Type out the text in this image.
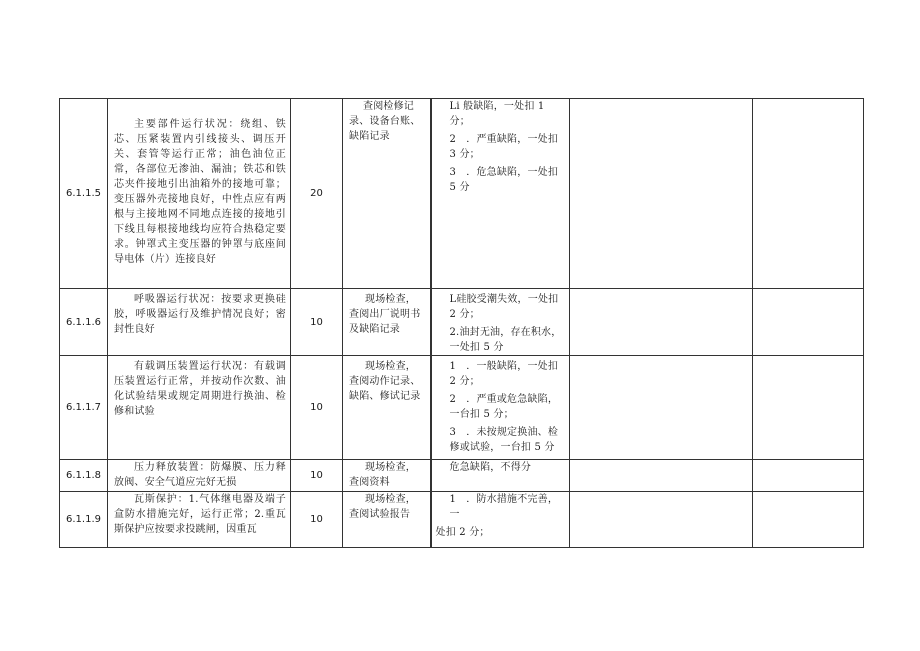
6.1.1.5	主要部件运行状况：绕组、铁芯、压紧装置内引线接头、调压开关、套管等运行正常；油色油位正常，各部位无渗油、漏油；铁芯和铁芯夹件接地引出油箱外的接地可靠；变压器外壳接地良好，中性点应有两根与主接地网不同地点连接的接地引下线且每根接地线均应符合热稳定要求。钟罩式主变压器的钟罩与底座间导电体（片）连接良好	20	查阅检修记录、设备台账、缺陷记录	Li 般缺陷，一处扣 1 分；

2　．严重缺陷，一处扣 3 分；

3　．危急缺陷，一处扣 5 分		

6.1.1.6	呼吸器运行状况：按要求更换硅胶，呼吸器运行及维护情况良好；密封性良好	10	现场检查，查阅出厂说明书及缺陷记录	L硅胶受潮失效，一处扣 2 分；

2.油封无油，存在积水，一处扣 5 分		

6.1.1.7	有载调压装置运行状况：有载调压装置运行正常，并按动作次数、油化试验结果或规定周期进行换油、检修和试验	10	现场检查，查阅动作记录、缺陷、修试记录	1　．一般缺陷，一处扣 2 分；

2　．严重或危急缺陷，一台扣 5 分；

3　．未按规定换油、检修或试验，一台扣 5 分		

6.1.1.8	压力释放装置：防爆膜、压力释放阀、安全气道应完好无损	10	现场检查，查阅资料	危急缺陷，不得分		

6.1.1.9	瓦斯保护：1.气体继电器及端子盒防水措施完好，运行正常；2.重瓦斯保护应按要求投跳闸，因重瓦	10	现场检查，查阅试验报告	1　．防水措施不完善，一

处扣 2 分；		
